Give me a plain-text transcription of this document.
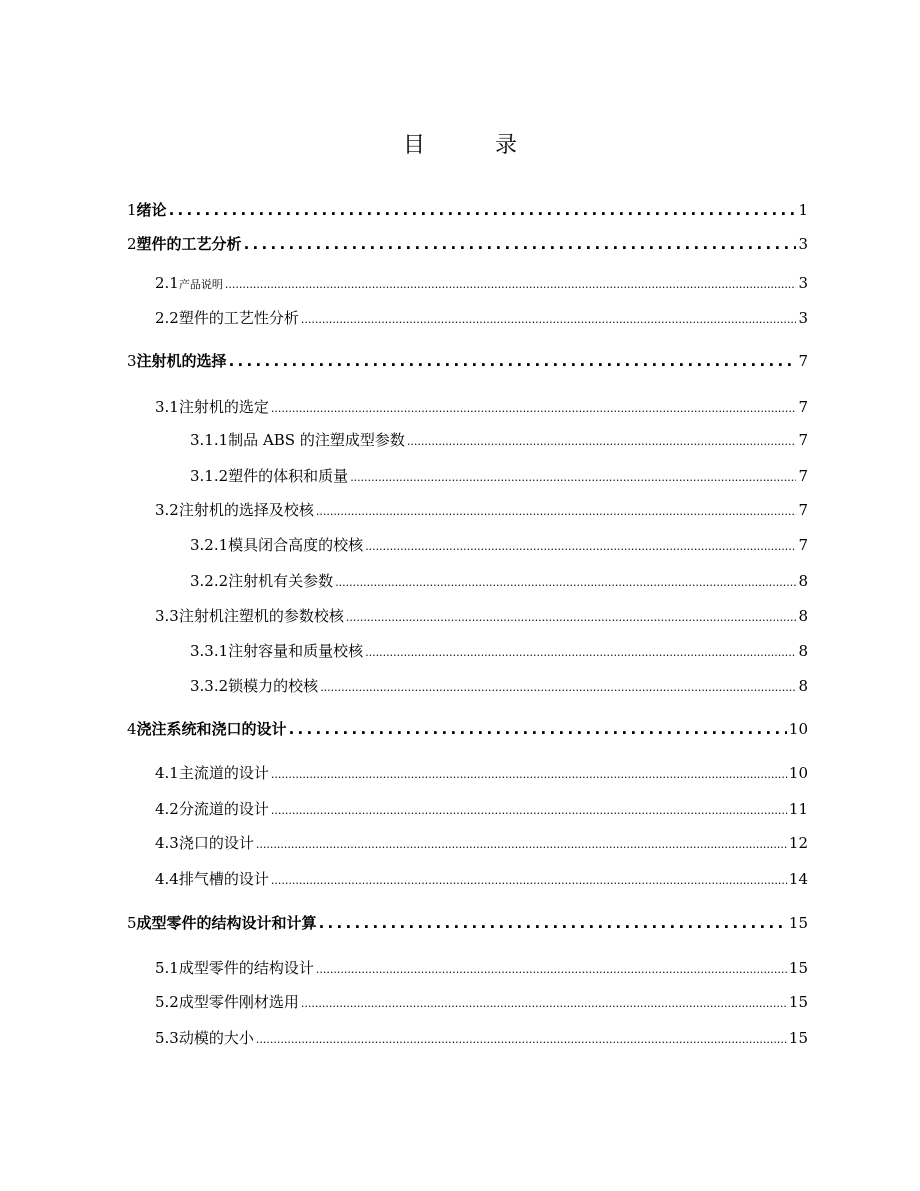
目	录
1 绪论 .....	1
2 塑件的工艺分析 .....	3
2.1 产品说明 .....	3
2.2 塑件的工艺性分析 .....	3
3 注射机的选择 .....	7
3.1 注射机的选定 .....	7
3.1.1 制品 ABS 的注塑成型参数 .....	7
3.1.2 塑件的体积和质量 .....	7
3.2 注射机的选择及校核 .....	7
3.2.1 模具闭合高度的校核 .....	7
3.2.2 注射机有关参数 .....	8
3.3 注射机注塑机的参数校核 .....	8
3.3.1 注射容量和质量校核 .....	8
3.3.2 锁模力的校核 .....	8
4 浇注系统和浇口的设计 .....	10
4.1 主流道的设计 .....	10
4.2 分流道的设计 .....	11
4.3 浇口的设计 .....	12
4.4 排气槽的设计 .....	14
5 成型零件的结构设计和计算 .....	15
5.1 成型零件的结构设计 .....	15
5.2 成型零件刚材选用 .....	15
5.3 动模的大小 .....	15
